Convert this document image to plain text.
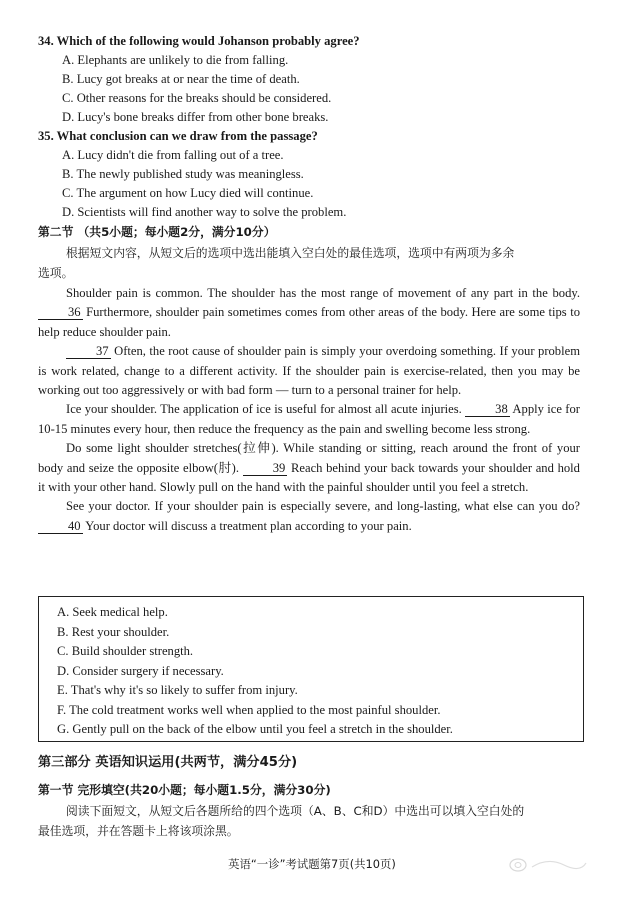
34. Which of the following would Johanson probably agree?
A. Elephants are unlikely to die from falling.
B. Lucy got breaks at or near the time of death.
C. Other reasons for the breaks should be considered.
D. Lucy's bone breaks differ from other bone breaks.
35. What conclusion can we draw from the passage?
A. Lucy didn't die from falling out of a tree.
B. The newly published study was meaningless.
C. The argument on how Lucy died will continue.
D. Scientists will find another way to solve the problem.
第二节 （共5小题；每小题2分，满分10分）
根据短文内容，从短文后的选项中选出能填入空白处的最佳选项，选项中有两项为多余
选项。

Shoulder pain is common. The shoulder has the most range of movement of any part in the body. 36 Furthermore, shoulder pain sometimes comes from other areas of the body. Here are some tips to help reduce shoulder pain.

37 Often, the root cause of shoulder pain is simply your overdoing something. If your problem is work related, change to a different activity. If the shoulder pain is exercise-related, then you may be working out too aggressively or with bad form — turn to a personal trainer for help.

Ice your shoulder. The application of ice is useful for almost all acute injuries.	38 Apply ice for 10-15 minutes every hour, then reduce the frequency as the pain and swelling become less strong.

Do some light shoulder stretches(拉伸). While standing or sitting, reach around the front of your body and seize the opposite elbow(肘).	39 Reach behind your back towards your shoulder and hold it with your other hand. Slowly pull on the hand with the painful shoulder until you feel a stretch.

See your doctor. If your shoulder pain is especially severe, and long-lasting, what else can you do? 40 Your doctor will discuss a treatment plan according to your pain.

A. Seek medical help.
B. Rest your shoulder.
C. Build shoulder strength.
D. Consider surgery if necessary.
E. That's why it's so likely to suffer from injury.
F. The cold treatment works well when applied to the most painful shoulder.
G. Gently pull on the back of the elbow until you feel a stretch in the shoulder.
第三部分 英语知识运用(共两节，满分45分)
第一节 完形填空(共20小题；每小题1.5分，满分30分)
阅读下面短文，从短文后各题所给的四个选项（A、B、C和D）中选出可以填入空白处的
最佳选项，并在答题卡上将该项涂黑。
英语“一诊”考试题第7页(共10页)
